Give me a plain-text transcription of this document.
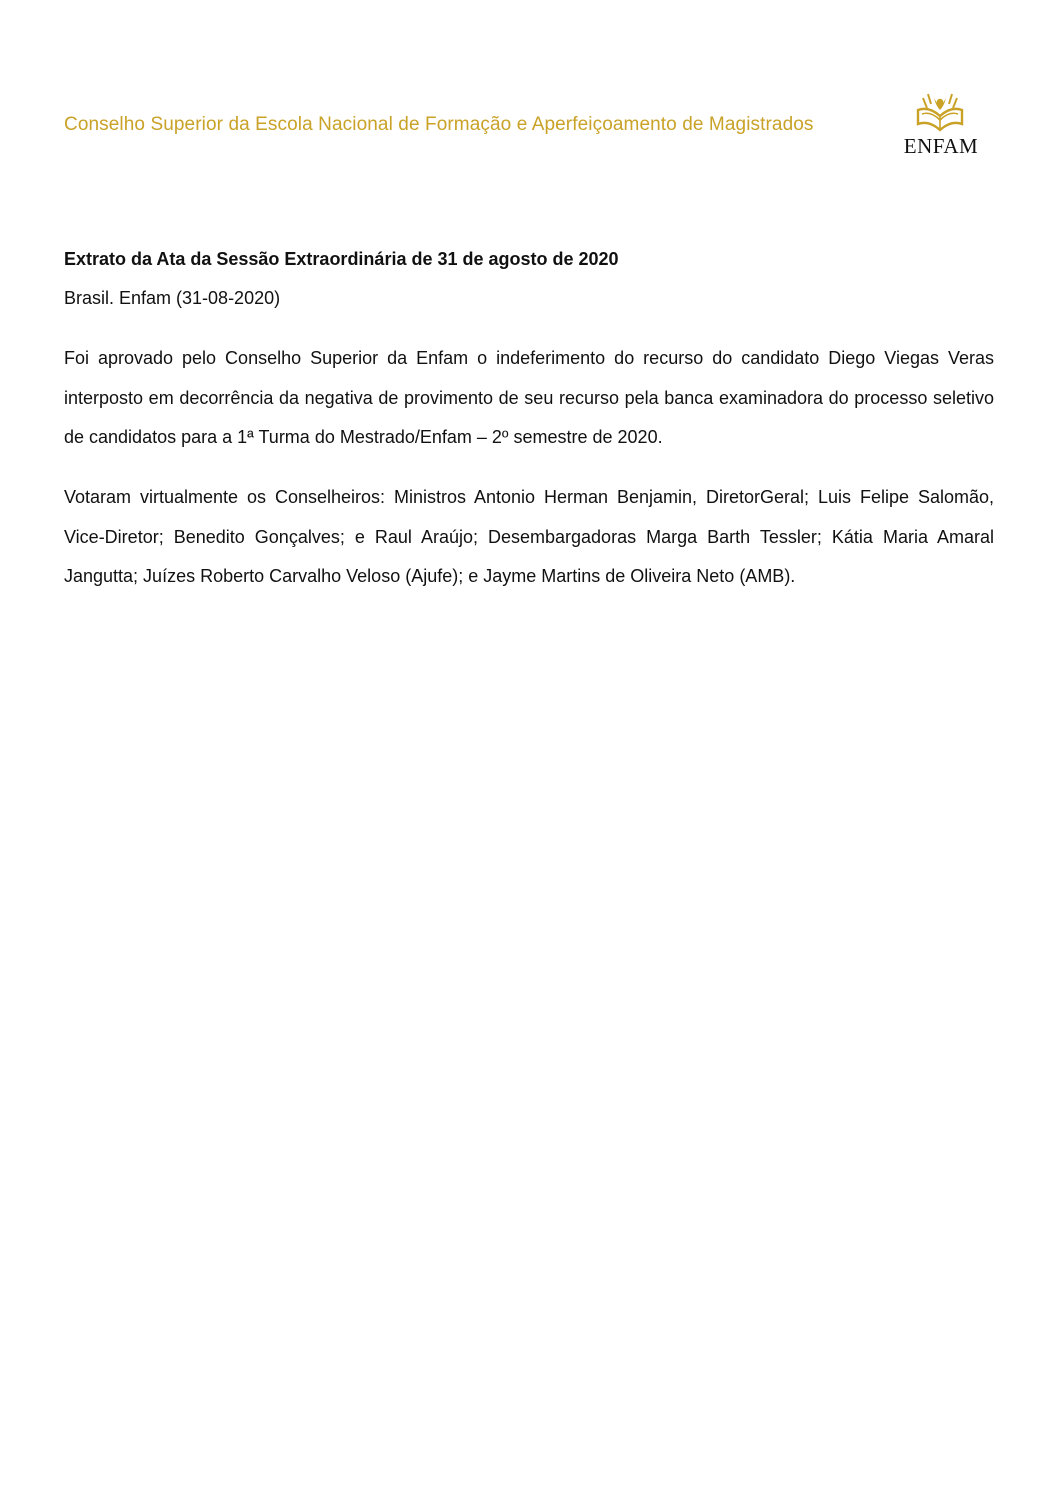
Conselho Superior da Escola Nacional de Formação e Aperfeiçoamento de Magistrados
ENFAM
Extrato da Ata da Sessão Extraordinária de 31 de agosto de 2020
Brasil. Enfam (31-08-2020)

Foi aprovado pelo Conselho Superior da Enfam o indeferimento do recurso do candidato Diego Viegas Veras interposto em decorrência da negativa de provimento de seu recurso pela banca examinadora do processo seletivo de candidatos para a 1ª Turma do Mestrado/Enfam – 2º semestre de 2020.

Votaram virtualmente os Conselheiros: Ministros Antonio Herman Benjamin, DiretorGeral; Luis Felipe Salomão, Vice-Diretor; Benedito Gonçalves; e Raul Araújo; Desembargadoras Marga Barth Tessler; Kátia Maria Amaral Jangutta; Juízes Roberto Carvalho Veloso (Ajufe); e Jayme Martins de Oliveira Neto (AMB).
